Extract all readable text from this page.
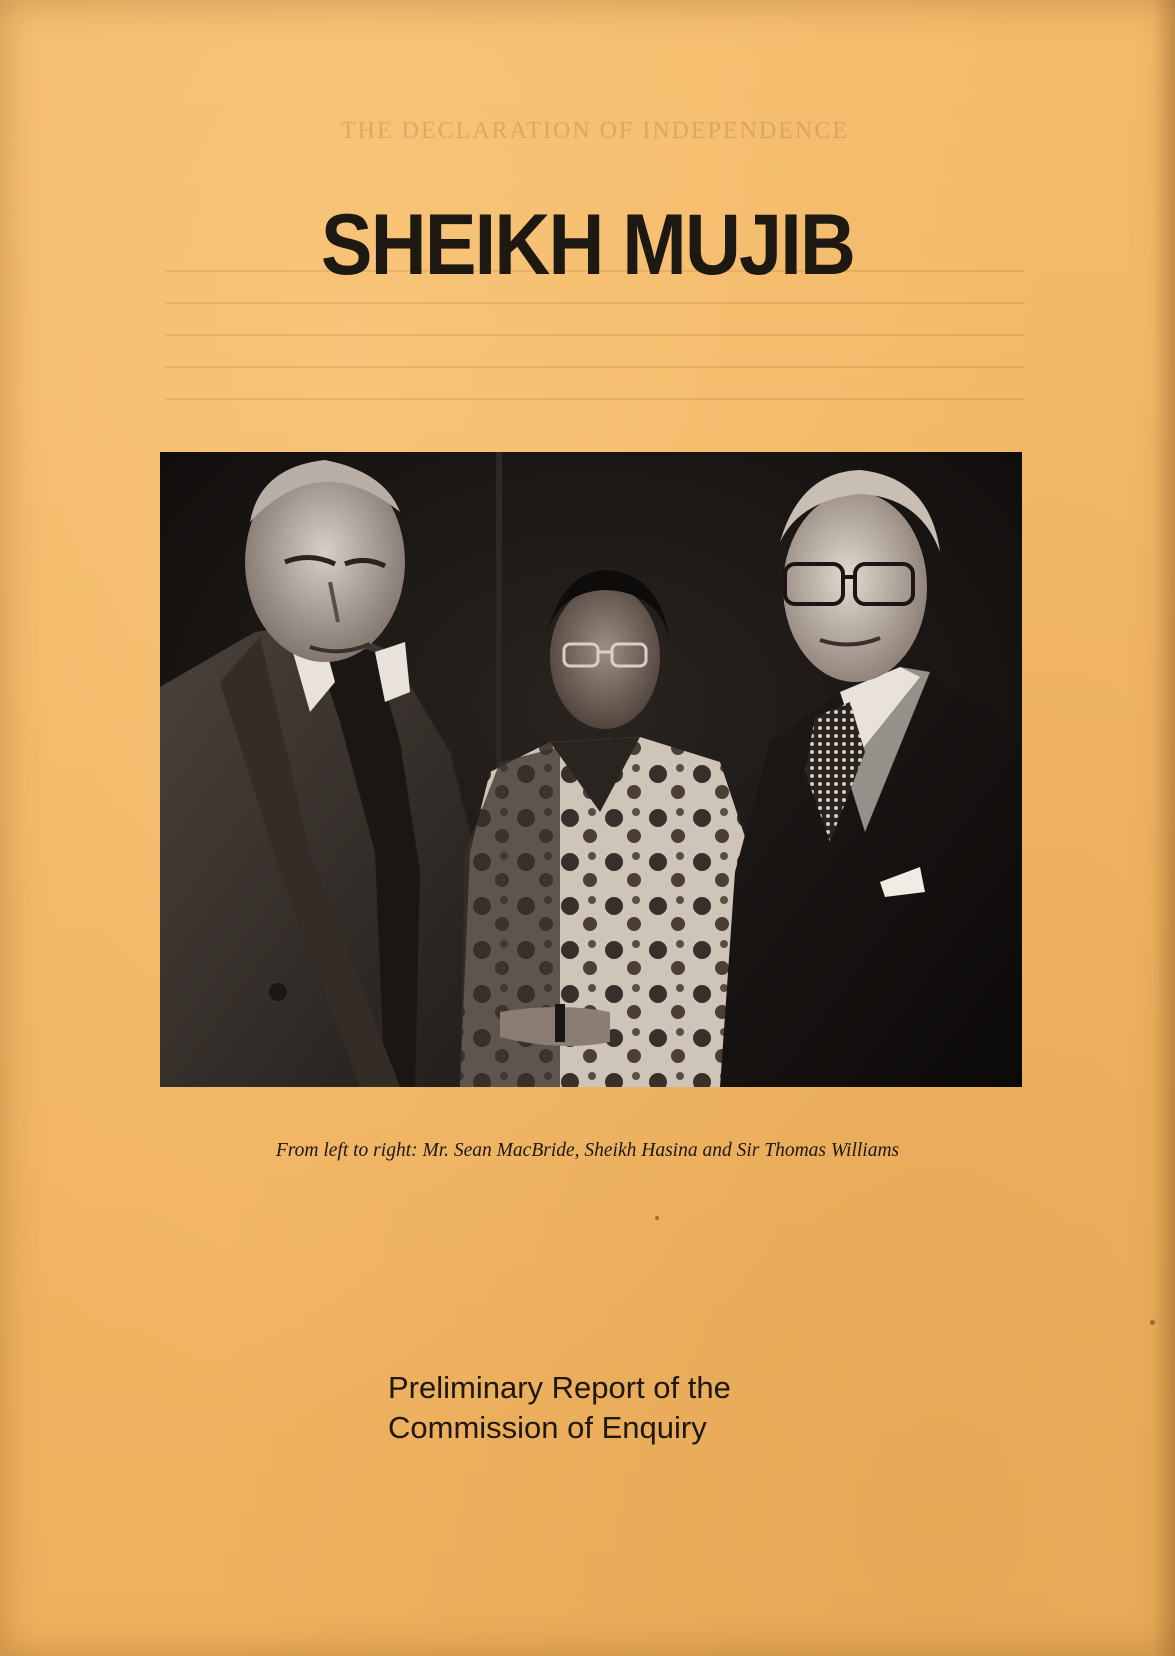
THE DECLARATION OF INDEPENDENCE
SHEIKH MUJIB

From left to right: Mr. Sean MacBride, Sheikh Hasina and Sir Thomas Williams

Preliminary Report of the
Commission of Enquiry
